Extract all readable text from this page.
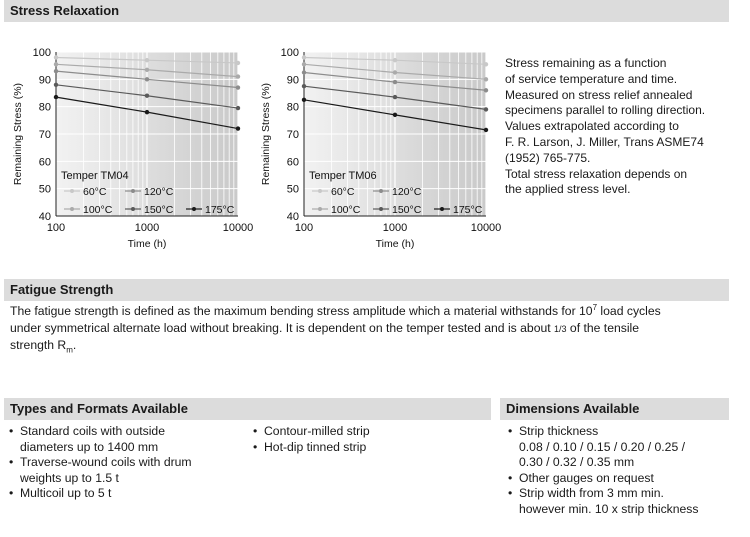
Stress Relaxation
100
90
80
70
60
50
40
100	1000	10000
Time (h)
Remaining Stress (%)	Temper TM04
60°C	120°C
100°C	150°C	175°C
100
90
80
70
60
50
40
100	1000	10000
Time (h)
Remaining Stress (%)	Temper TM06
60°C	120°C
100°C	150°C	175°C
Stress remaining as a function
of service temperature and time.
Measured on stress relief annealed
specimens parallel to rolling direction.
Values extrapolated according to
F. R. Larson, J. Miller, Trans ASME74
(1952) 765-775.
Total stress relaxation depends on
the applied stress level.
Fatigue Strength
The fatigue strength is defined as the maximum bending stress amplitude which a material withstands for $10^7$ load cycles
under symmetrical alternate load without breaking. It is dependent on the temper tested and is about 1/3 of the tensile
strength $R_m$.
Types and Formats Available
• Standard coils with outside
diameters up to 1400 mm
• Traverse-wound coils with drum
weights up to 1.5 t
• Multicoil up to 5 t
• Contour-milled strip
• Hot-dip tinned strip
Dimensions Available
• Strip thickness
0.08 / 0.10 / 0.15 / 0.20 / 0.25 /
0.30 / 0.32 / 0.35 mm
• Other gauges on request
• Strip width from 3 mm min.
however min. 10 x strip thickness
